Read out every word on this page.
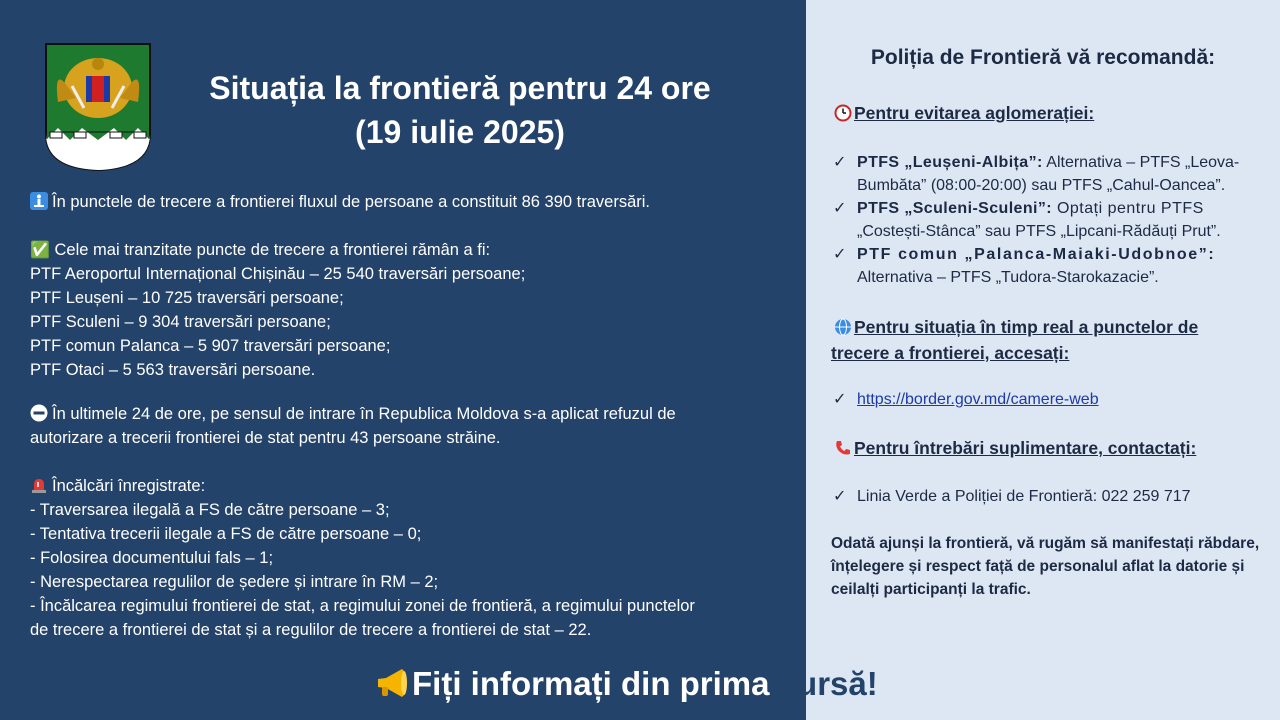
Situația la frontieră pentru 24 ore
(19 iulie 2025)
În punctele de trecere a frontierei fluxul de persoane a constituit 86 390 traversări.
✅ Cele mai tranzitate puncte de trecere a frontierei rămân a fi:
PTF Aeroportul Internațional Chișinău – 25 540 traversări persoane;
PTF Leușeni – 10 725 traversări persoane;
PTF Sculeni – 9 304 traversări persoane;
PTF comun Palanca – 5 907 traversări persoane;
PTF Otaci – 5 563 traversări persoane.
În ultimele 24 de ore, pe sensul de intrare în Republica Moldova s-a aplicat refuzul de
autorizare a trecerii frontierei de stat pentru 43 persoane străine.
Încălcări înregistrate:
- Traversarea ilegală a FS de către persoane – 3;
- Tentativa trecerii ilegale a FS de către persoane – 0;
- Folosirea documentului fals – 1;
- Nerespectarea regulilor de ședere și intrare în RM – 2;
- Încălcarea regimului frontierei de stat, a regimului zonei de frontieră, a regimului punctelor
de trecere a frontierei de stat și a regulilor de trecere a frontierei de stat – 22.
Poliția de Frontieră vă recomandă:
Pentru evitarea aglomerației:
✓ PTFS „Leușeni-Albița”: Alternativa – PTFS „Leova-
Bumbăta” (08:00-20:00) sau PTFS „Cahul-Oancea”.
✓ PTFS „Sculeni-Sculeni”: Optați pentru PTFS
„Costești-Stânca” sau PTFS „Lipcani-Rădăuți Prut”.
✓ PTF comun „Palanca-Maiaki-Udobnoe”:
Alternativa – PTFS „Tudora-Starokazacie”.
Pentru situația în timp real a punctelor de
trecere a frontierei, accesați:
✓ https://border.gov.md/camere-web
Pentru întrebări suplimentare, contactați:
✓ Linia Verde a Poliției de Frontieră: 022 259 717
Odată ajunși la frontieră, vă rugăm să manifestați răbdare, înțelegere și respect față de personalul aflat la datorie și ceilalți participanți la trafic.
Fiți informați din prima sursă!
